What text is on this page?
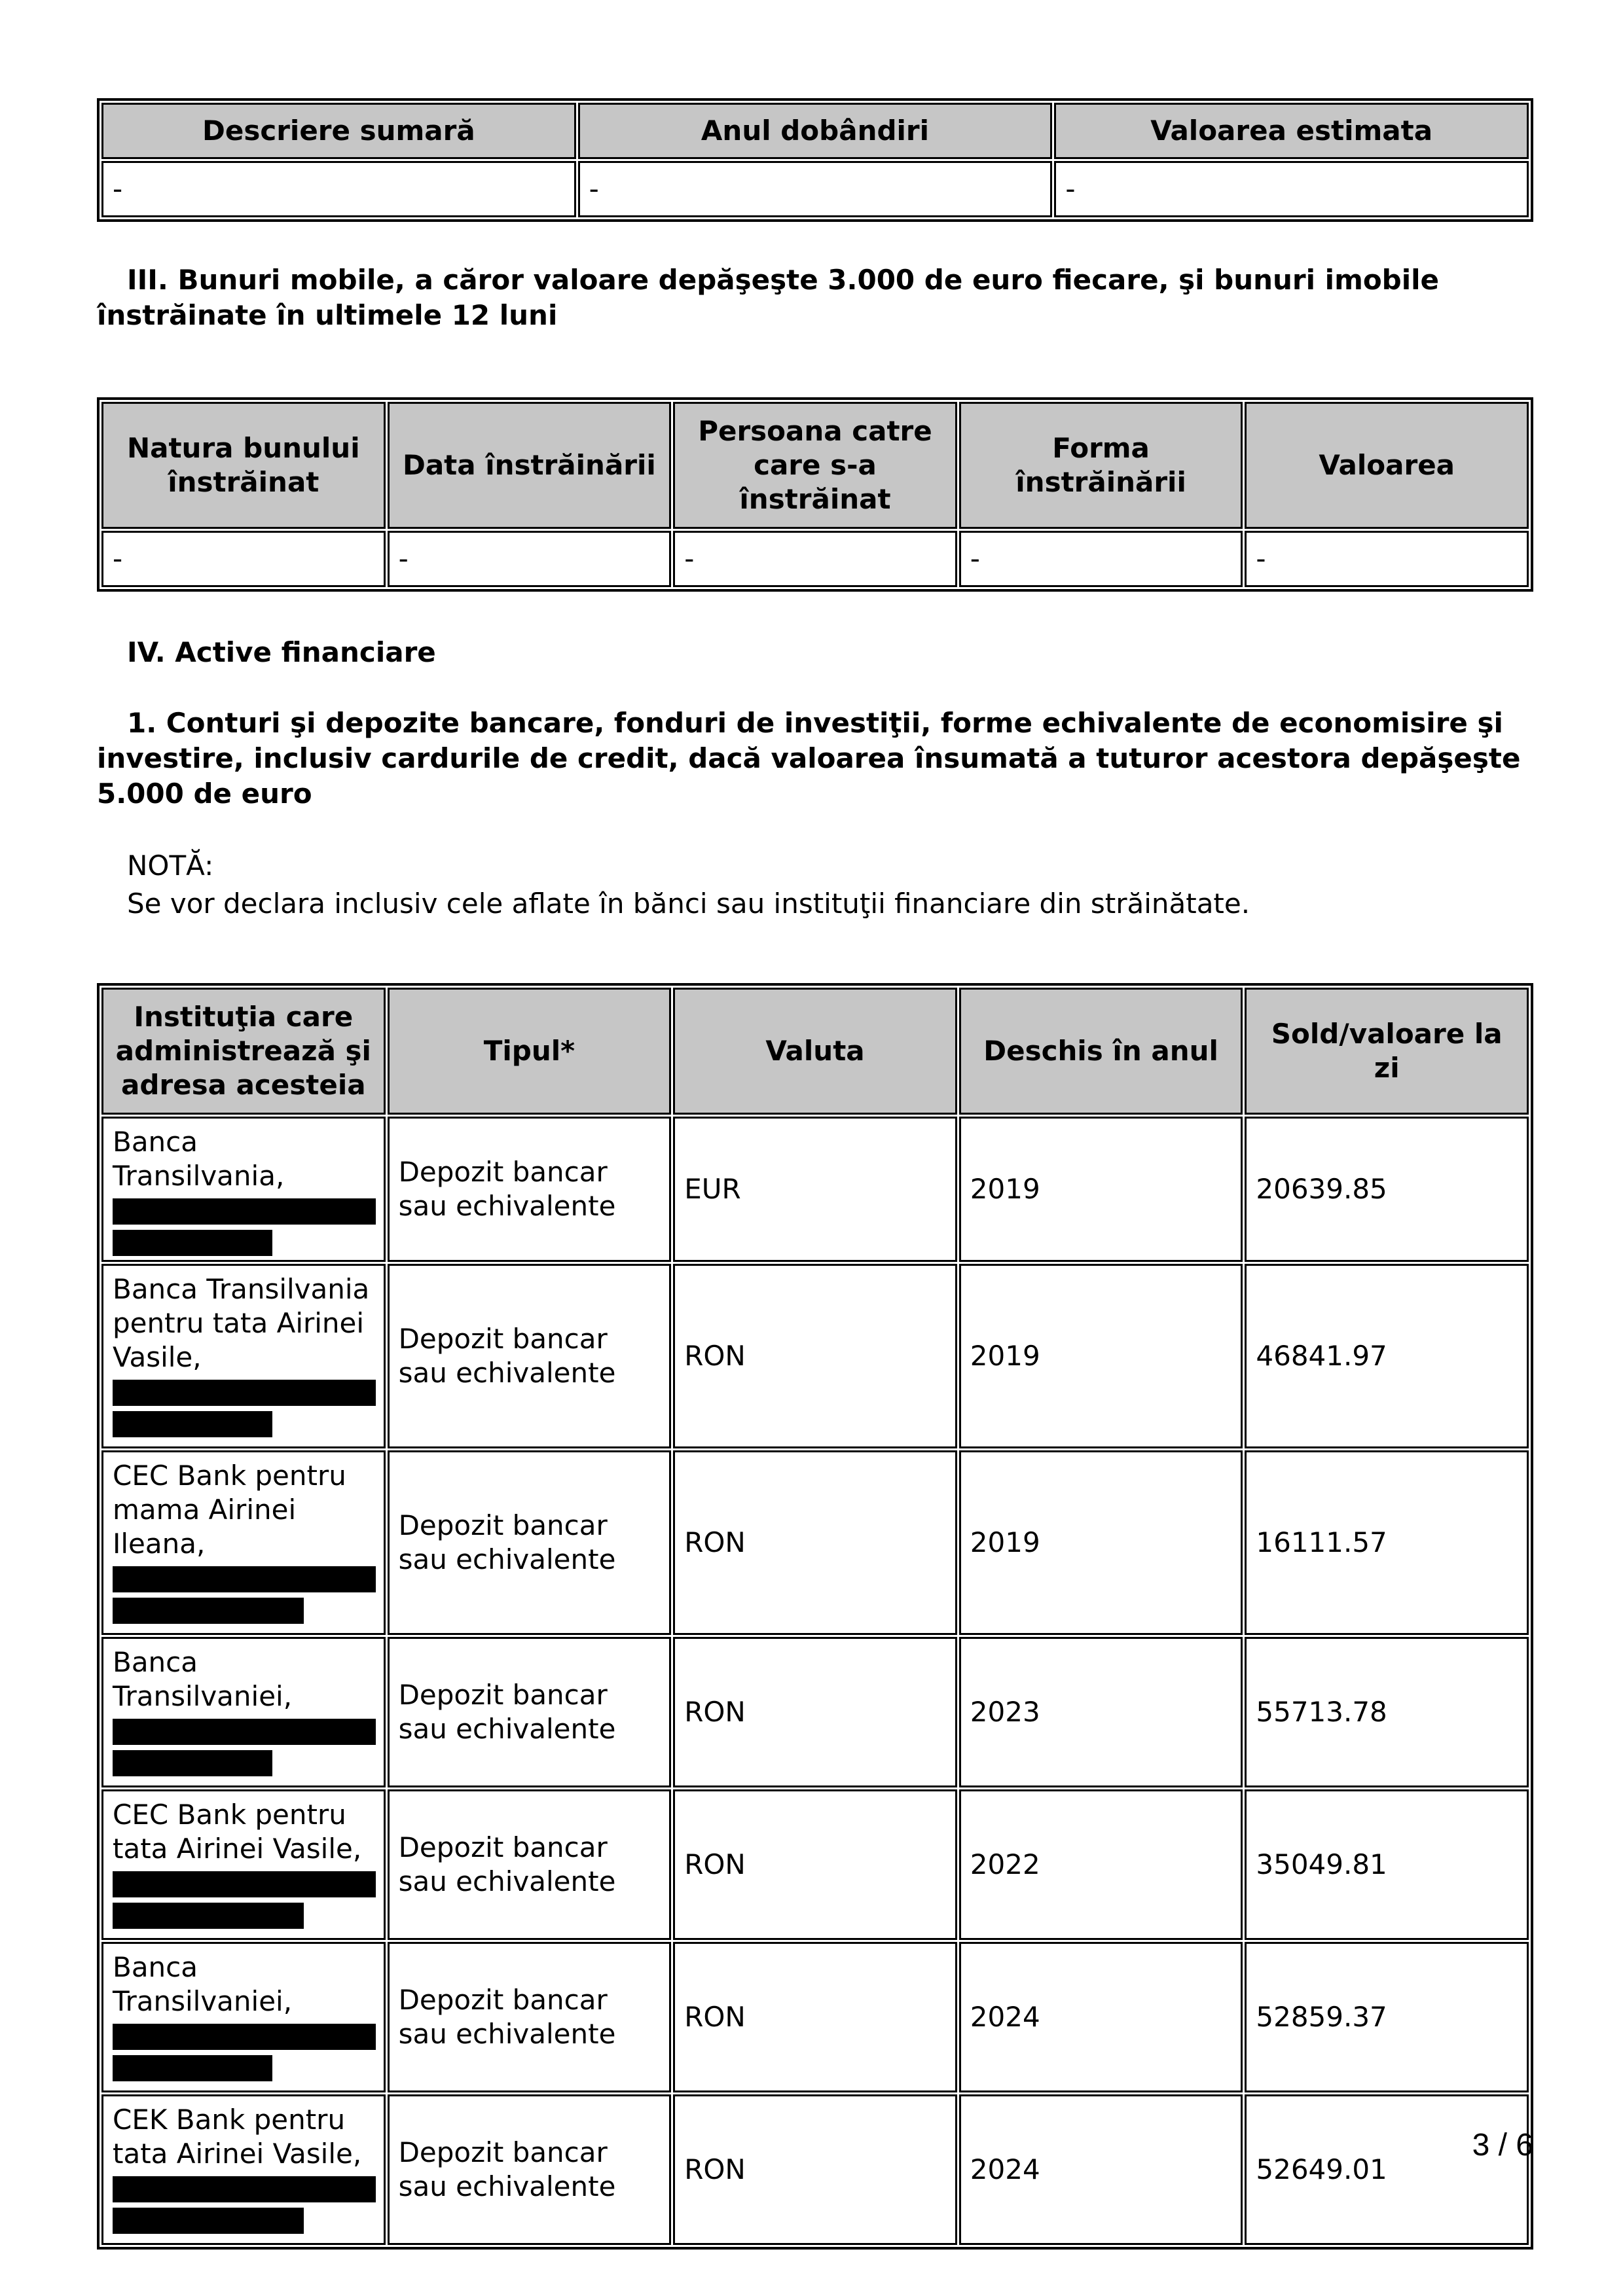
Descriere sumară	Anul dobândiri	Valoarea estimata
-	-	-

III. Bunuri mobile, a căror valoare depăşeşte 3.000 de euro fiecare, şi bunuri imobile înstrăinate în ultimele 12 luni

Natura bunului înstrăinat	Data înstrăinării	Persoana catre care s-a înstrăinat	Forma înstrăinării	Valoarea
-	-	-	-	-

IV. Active financiare

1. Conturi şi depozite bancare, fonduri de investiţii, forme echivalente de economisire şi investire, inclusiv cardurile de credit, dacă valoarea însumată a tuturor acestora depăşeşte 5.000 de euro

NOTĂ:

Se vor declara inclusiv cele aflate în bănci sau instituţii financiare din străinătate.

Instituţia care administrează şi adresa acesteia	Tipul*	Valuta	Deschis în anul	Sold/valoare la zi
Banca Transilvania,	Depozit bancar sau echivalente	EUR	2019	20639.85
Banca Transilvania pentru tata Airinei Vasile,	Depozit bancar sau echivalente	RON	2019	46841.97
CEC Bank pentru mama Airinei Ileana,	Depozit bancar sau echivalente	RON	2019	16111.57
Banca Transilvaniei,	Depozit bancar sau echivalente	RON	2023	55713.78
CEC Bank pentru tata Airinei Vasile,	Depozit bancar sau echivalente	RON	2022	35049.81
Banca Transilvaniei,	Depozit bancar sau echivalente	RON	2024	52859.37
CEK Bank pentru tata Airinei Vasile,	Depozit bancar sau echivalente	RON	2024	52649.01
3 / 6
